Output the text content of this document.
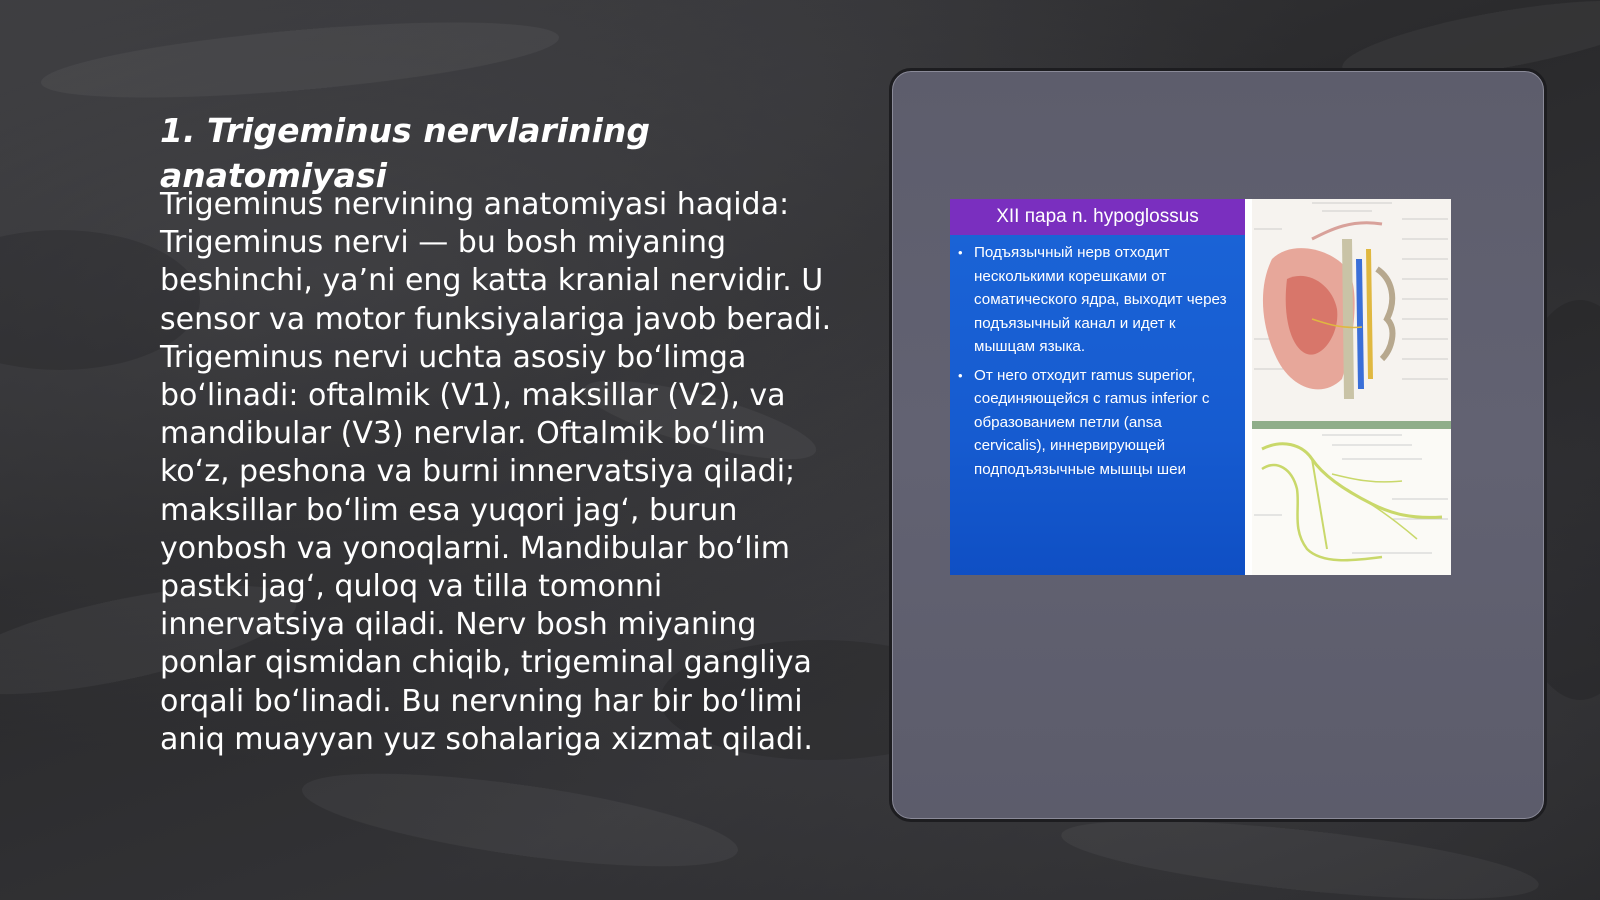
1. Trigeminus nervlarining anatomiyasi

Trigeminus nervining anatomiyasi haqida: Trigeminus nervi — bu bosh miyaning beshinchi, ya’ni eng katta kranial nervidir. U sensor va motor funksiyalariga javob beradi. Trigeminus nervi uchta asosiy bo‘limga bo‘linadi: oftalmik (V1), maksillar (V2), va mandibular (V3) nervlar. Oftalmik bo‘lim ko‘z, peshona va burni innervatsiya qiladi; maksillar bo‘lim esa yuqori jag‘, burun yonbosh va yonoqlarni. Mandibular bo‘lim pastki jag‘, quloq va tilla tomonni innervatsiya qiladi. Nerv bosh miyaning ponlar qismidan chiqib, trigeminal gangliya orqali bo‘linadi. Bu nervning har bir bo‘limi aniq muayyan yuz sohalariga xizmat qiladi.

XII пара n. hypoglossus
• Подъязычный нерв отходит несколькими корешками от соматического ядра, выходит через подъязычный канал и идет к мышцам языка.
• От него отходит ramus superior, соединяющейся с ramus inferior с образованием петли (ansa cervicalis), иннервирующей подподъязычные мышцы шеи
